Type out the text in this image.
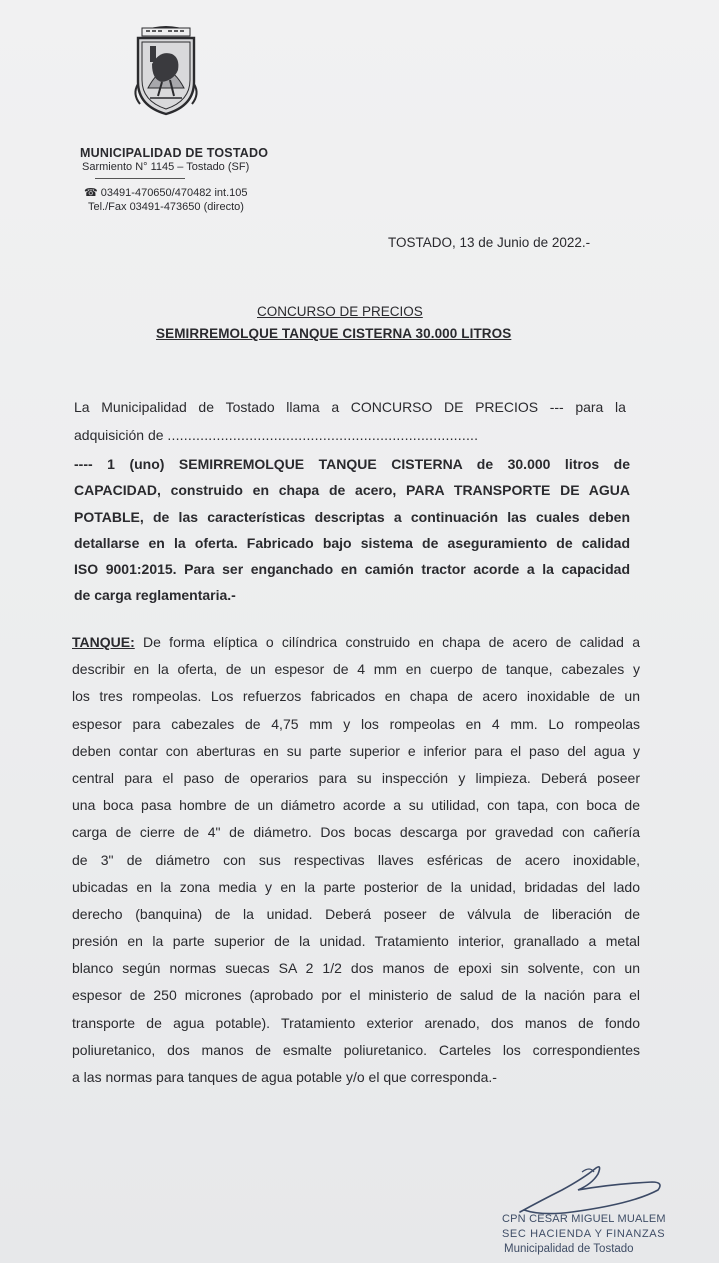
MUNICIPALIDAD DE TOSTADO
Sarmiento N° 1145 – Tostado (SF)
☎ 03491-470650/470482 int.105
Tel./Fax 03491-473650 (directo)
TOSTADO, 13 de Junio de 2022.-
CONCURSO DE PRECIOS
SEMIRREMOLQUE TANQUE CISTERNA 30.000 LITROS
La Municipalidad de Tostado llama a CONCURSO DE PRECIOS --- para la
adquisición de ............................................................................
---- 1 (uno) SEMIRREMOLQUE TANQUE CISTERNA de 30.000 litros de
CAPACIDAD, construido en chapa de acero, PARA TRANSPORTE DE AGUA
POTABLE, de las características descriptas a continuación las cuales deben
detallarse en la oferta. Fabricado bajo sistema de aseguramiento de calidad
ISO 9001:2015. Para ser enganchado en camión tractor acorde a la capacidad
de carga reglamentaria.-
TANQUE: De forma elíptica o cilíndrica construido en chapa de acero de calidad a
describir en la oferta, de un espesor de 4 mm en cuerpo de tanque, cabezales y
los tres rompeolas. Los refuerzos fabricados en chapa de acero inoxidable de un
espesor para cabezales de 4,75 mm y los rompeolas en 4 mm. Lo rompeolas
deben contar con aberturas en su parte superior e inferior para el paso del agua y
central para el paso de operarios para su inspección y limpieza. Deberá poseer
una boca pasa hombre de un diámetro acorde a su utilidad, con tapa, con boca de
carga de cierre de 4" de diámetro. Dos bocas descarga por gravedad con cañería
de 3" de diámetro con sus respectivas llaves esféricas de acero inoxidable,
ubicadas en la zona media y en la parte posterior de la unidad, bridadas del lado
derecho (banquina) de la unidad. Deberá poseer de válvula de liberación de
presión en la parte superior de la unidad. Tratamiento interior, granallado a metal
blanco según normas suecas SA 2 1/2 dos manos de epoxi sin solvente, con un
espesor de 250 micrones (aprobado por el ministerio de salud de la nación para el
transporte de agua potable). Tratamiento exterior arenado, dos manos de fondo
poliuretanico, dos manos de esmalte poliuretanico. Carteles los correspondientes
a las normas para tanques de agua potable y/o el que corresponda.-
CPN CESAR MIGUEL MUALEM
SEC HACIENDA Y FINANZAS
Municipalidad de Tostado
